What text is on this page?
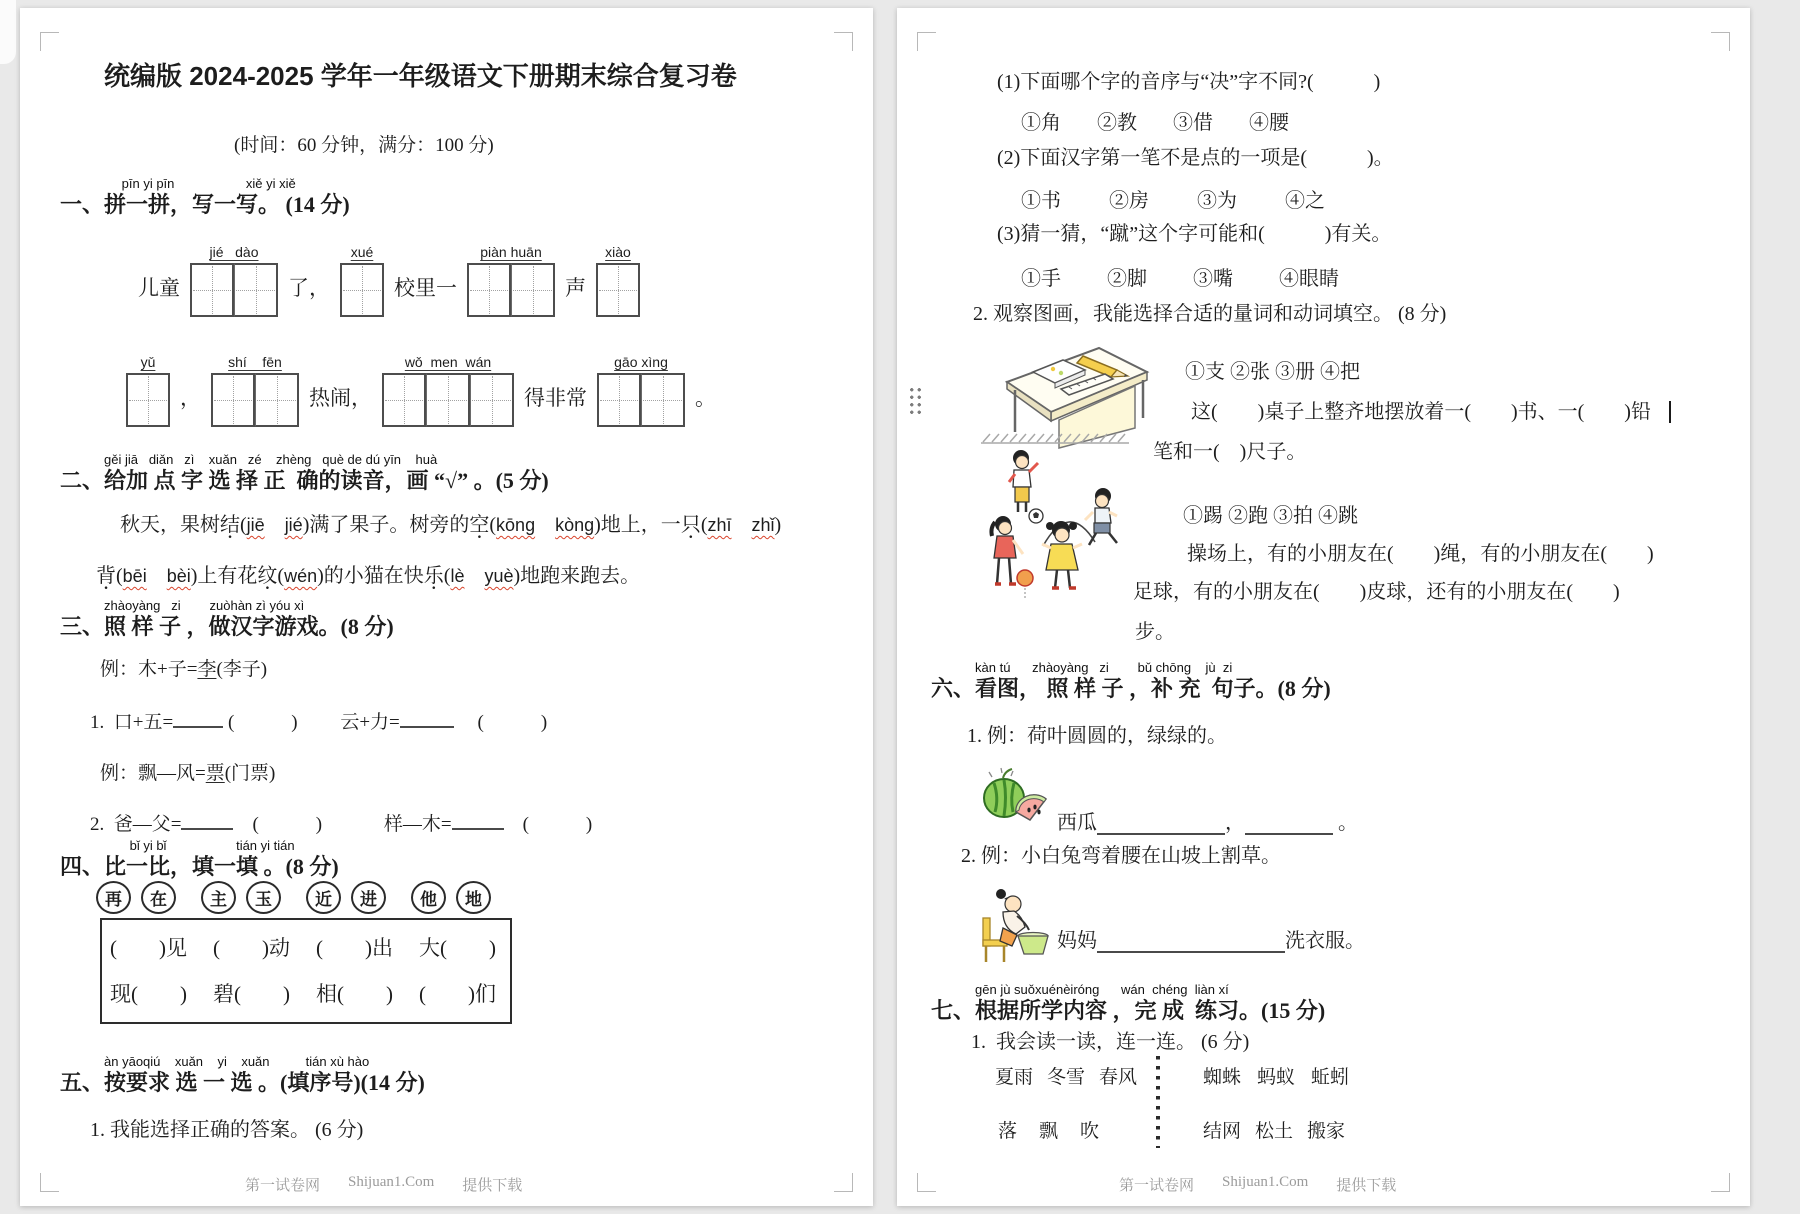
统编版 2024-2025 学年一年级语文下册期末综合复习卷
(时间：60 分钟，满分：100 分)
一、
pīn yi pīn
拼一拼，
xiě yi xiě
写一写。 (14 分)
儿童
jié   dào
了，
xué
校里一
piàn huān
声
xiào
yǔ
，
shí    fēn
热闹，
wǒ  men  wán
得非常
gāo xìng
。
二、
gěi jiā   diǎn   zì    xuǎn   zé    zhèng   què de dú yīn    huà
给加 点 字 选 择 正  确的读音，画 “√” 。(5 分)
秋天，果树结(jiē　 jié)满了果子。树旁的空(kōng　 kòng)地上，一只(zhī　 zhǐ)
背(bēi　 bèi)上有花纹(wén)的小猫在快乐(lè　 yuè)地跑来跑去。
三、
zhàoyàng   zi        zuòhàn zì yóu xì
照 样 子 ，做汉字游戏。(8 分)
例：木+子=李(李子)
1.  口+五=	(　　　)　　 云+力=	　 (　　　)
例：飘—风=票(门票)
2.  爸—父=	　(　　　)　　　 样—木=	　(　　　)
四、
bǐ yi bǐ
比一比，
tián yi tián
填一填 。(8 分)
再	在	主	玉	近	进	他	地
(　　)见 (　　)动 (　　)出 大(　　)
现(　　) 碧(　　) 相(　　) (　　)们
五、
àn yāoqiú    xuǎn    yi    xuǎn          tián xù hào
按要求 选 一 选 。(填序号)(14 分)
1. 我能选择正确的答案。 (6 分)
第一试卷网 Shijuan1.Com 提供下载
(1)下面哪个字的音序与“决”字不同?(　　　)
①角 ②教 ③借 ④腰
(2)下面汉字第一笔不是点的一项是(　　　)。
①书 ②房 ③为 ④之
(3)猜一猜，“蹴”这个字可能和(　　　)有关。
①手 ②脚 ③嘴 ④眼睛
2. 观察图画，我能选择合适的量词和动词填空。 (8 分)
①支 ②张 ③册 ④把
这(　　)桌子上整齐地摆放着一(　　)书、一(　　)铅
笔和一(　)尺子。
①踢 ②跑 ③拍 ④跳
操场上，有的小朋友在(　　)绳，有的小朋友在(　　)
足球，有的小朋友在(　　)皮球，还有的小朋友在(　　)
步。
六、
kàn tú      zhàoyàng   zi        bǔ chōng    jù  zi
看图， 照 样 子 ，补 充  句子。(8 分)
1. 例：荷叶圆圆的，绿绿的。
西瓜	，	。
2. 例：小白兔弯着腰在山坡上割草。
妈妈	洗衣服。
七、
gēn jù suǒxuénèiróng      wán  chéng  liàn xí
根据所学内容 ，完 成  练习。(15 分)
1.  我会读一读，连一连。 (6 分)
夏雨 冬雪 春风	蜘蛛 蚂蚁 蚯蚓
落 飘 吹	结网 松土 搬家
第一试卷网 Shijuan1.Com 提供下载
